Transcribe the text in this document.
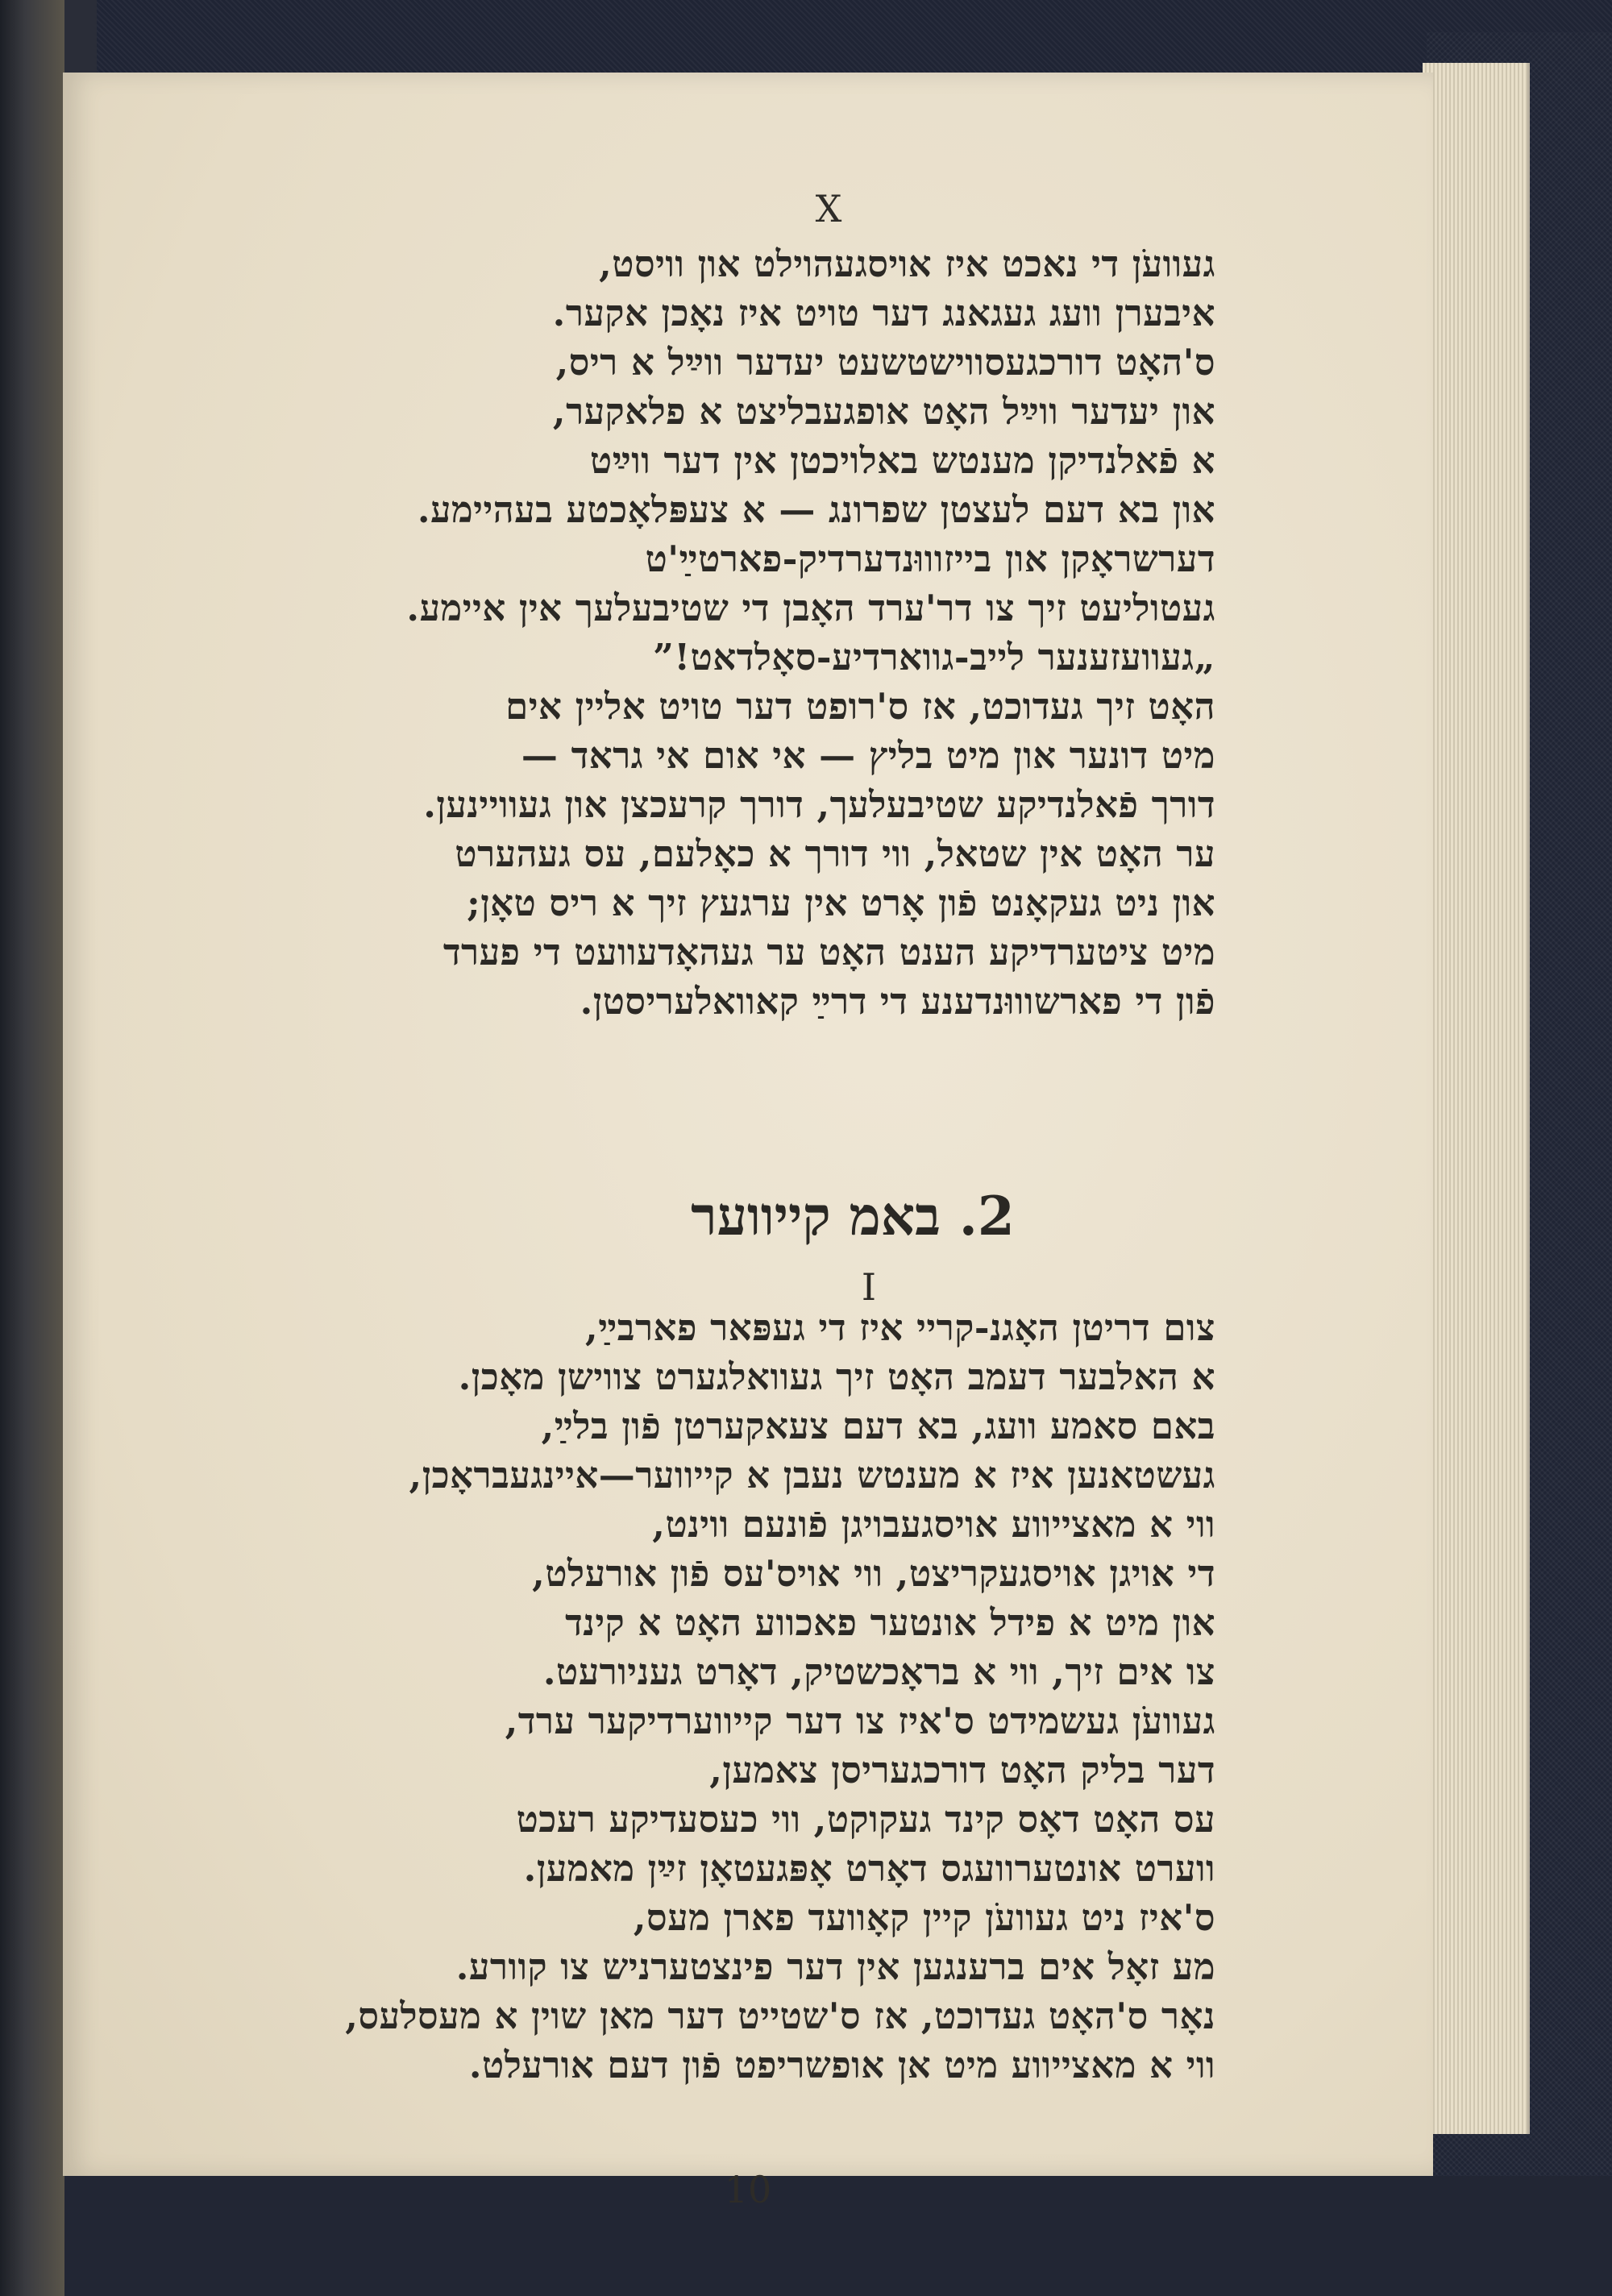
X
געוועֹן די נאכט איז אויסגעהוילט און וויסט,
איבערן וועג געגאנג דער טויט איז נאָכן אקער.
ס'האָט דורכגעסווישטשעט יעדער ווײַל א ריס,
און יעדער ווײַל האָט אופגעבליצט א פלאקער,
א פֿאלנדיקן מענטש באלויכטן אין דער ווײַט
און בא דעם לעצטן שפרונג — א צעפּלאָכטע בעהיימע.
דערשראָקן און בייזוווּנדערדיק-פארטײַ'ט
געטוליעט זיך צו דר'ערד האָבן די שטיבעלעך אין איימע.
„געוועזענער לייב-גווארדיע-סאָלדאט!”
האָט זיך געדוכט, אז ס'רופט דער טויט אליין אים
מיט דונער און מיט בליץ — אי אום אי גראד —
דורך פֿאלנדיקע שטיבעלעך, דורך קרעכצן און געוויינען.
ער האָט אין שטאל, ווי דורך א כאָלעם, עס געהערט
און ניט געקאָנט פֿון אָרט אין ערגעץ זיך א ריס טאָן;
מיט ציטערדיקע הענט האָט ער געהאָדעוועט די פערד
פֿון די פארשוווּנדענע די דרײַ קאוואלעריסטן.
2. באמ קייווער
I
צום דריטן האָגנ-קריי איז די געפּאר פארבײַ,
א האלבער דעמב האָט זיך געוואלגערט צווישן מאָכן.
באם סאמע וועג, בא דעם צעאקערטן פֿון בלײַ,
געשטאנען איז א מענטש נעבן א קייווער—איינגעבראָכן,
ווי א מאצייווע אויסגעבויגן פֿונעם ווינט,
די אויגן אויסגעקריצט, ווי אויס'עס פֿון אורעלט,
און מיט א פידל אונטער פאכווע האָט א קינד
צו אים זיך, ווי א בראָכשטיק, דאָרט געניורעט.
געוועֹן געשמידט ס'איז צו דער קייווערדיקער ערד,
דער בליק האָט דורכגעריסן צאמען,
עס האָט דאָס קינד געקוקט, ווי כעסעדיקע רעכט
ווערט אונטערוועגס דאָרט אָפּגעטאָן זײַן מאמען.
ס'איז ניט געוועֹן קיין קאָוועד פארן מעס,
מע זאָל אים ברענגען אין דער פינצטערניש צו קוורע.
נאָר ס'האָט געדוכט, אז ס'שטייט דער מאן שוין א מעסלעס,
ווי א מאצייווע מיט אן אופשריפט פֿון דעם אורעלט.
10
